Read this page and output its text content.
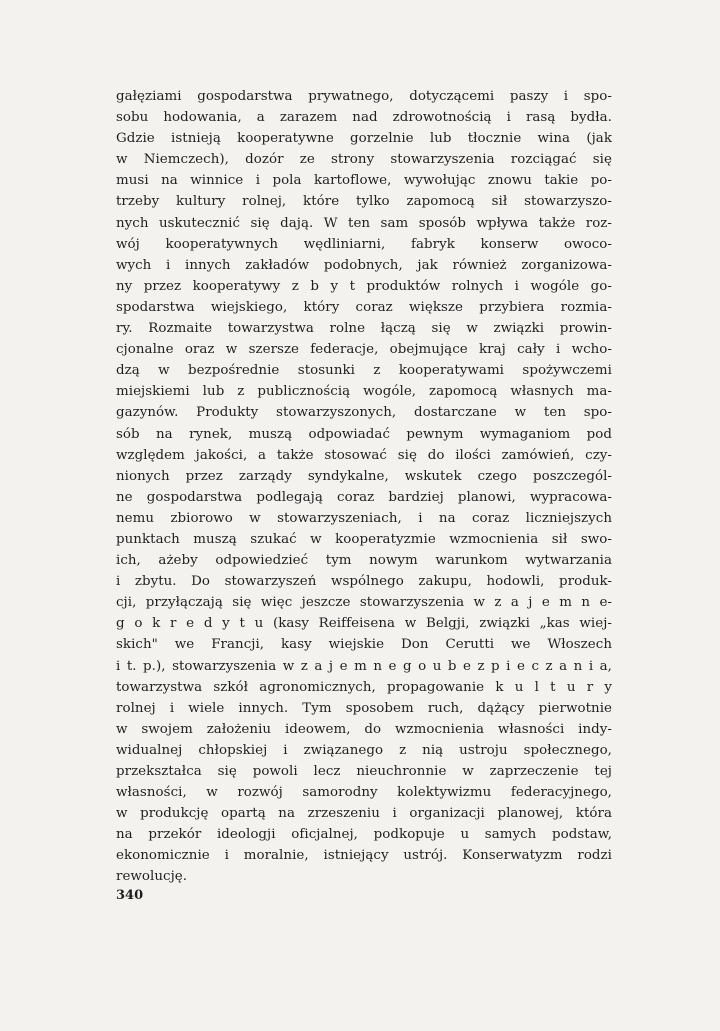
gałęziami gospodarstwa prywatnego, dotyczącemi paszy i spo-
sobu hodowania, a zarazem nad zdrowotnością i rasą bydła.
Gdzie istnieją kooperatywne gorzelnie lub tłocznie wina (jak
w Niemczech), dozór ze strony stowarzyszenia rozciągać się
musi na winnice i pola kartoflowe, wywołując znowu takie po-
trzeby kultury rolnej, które tylko zapomocą sił stowarzyszo-
nych uskutecznić się dają. W ten sam sposób wpływa także roz-
wój kooperatywnych wędliniarni, fabryk konserw owoco-
wych i innych zakładów podobnych, jak również zorganizowa-
ny przez kooperatywy z b y t produktów rolnych i wogóle go-
spodarstwa wiejskiego, który coraz większe przybiera rozmia-
ry. Rozmaite towarzystwa rolne łączą się w związki prowin-
cjonalne oraz w szersze federacje, obejmujące kraj cały i wcho-
dzą w bezpośrednie stosunki z kooperatywami spożywczemi
miejskiemi lub z publicznością wogóle, zapomocą własnych ma-
gazynów. Produkty stowarzyszonych, dostarczane w ten spo-
sób na rynek, muszą odpowiadać pewnym wymaganiom pod
względem jakości, a także stosować się do ilości zamówień, czy-
nionych przez zarządy syndykalne, wskutek czego poszczegól-
ne gospodarstwa podlegają coraz bardziej planowi, wypracowa-
nemu zbiorowo w stowarzyszeniach, i na coraz liczniejszych
punktach muszą szukać w kooperatyzmie wzmocnienia sił swo-
ich, ażeby odpowiedzieć tym nowym warunkom wytwarzania
i zbytu. Do stowarzyszeń wspólnego zakupu, hodowli, produk-
cji, przyłączają się więc jeszcze stowarzyszenia w z a j e m n e-
g o k r e d y t u (kasy Reiffeisena w Belgji, związki „kas wiej-
skich" we Francji, kasy wiejskie Don Cerutti we Włoszech
i t. p.), stowarzyszenia w z a j e m n e g o u b e z p i e c z a n i a,
towarzystwa szkół agronomicznych, propagowanie k u l t u r y
rolnej i wiele innych. Tym sposobem ruch, dążący pierwotnie
w swojem założeniu ideowem, do wzmocnienia własności indy-
widualnej chłopskiej i związanego z nią ustroju społecznego,
przekształca się powoli lecz nieuchronnie w zaprzeczenie tej
własności, w rozwój samorodny kolektywizmu federacyjnego,
w produkcję opartą na zrzeszeniu i organizacji planowej, która
na przekór ideologji oficjalnej, podkopuje u samych podstaw,
ekonomicznie i moralnie, istniejący ustrój. Konserwatyzm rodzi
rewolucję.
340
